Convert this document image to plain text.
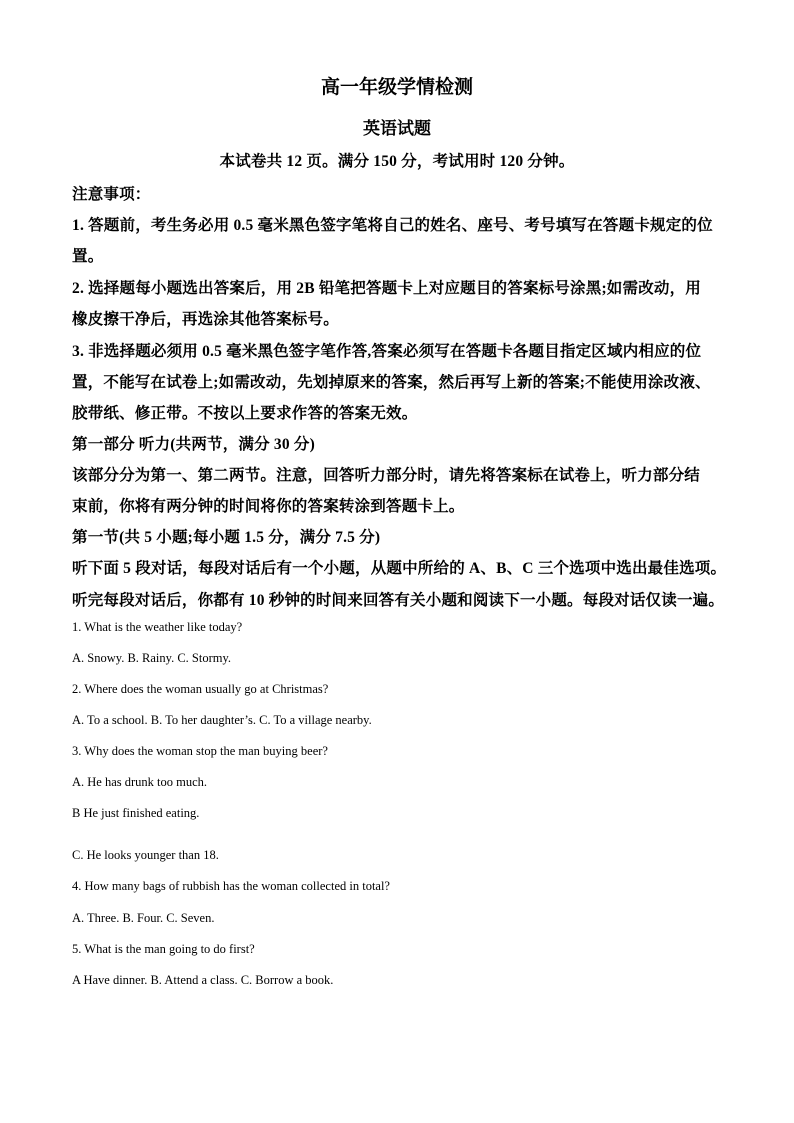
高一年级学情检测
英语试题
本试卷共 12 页。满分 150 分，考试用时 120 分钟。
注意事项：
1. 答题前，考生务必用 0.5 毫米黑色签字笔将自己的姓名、座号、考号填写在答题卡规定的位
置。
2. 选择题每小题选出答案后，用 2B 铅笔把答题卡上对应题目的答案标号涂黑;如需改动，用
橡皮擦干净后，再选涂其他答案标号。
3. 非选择题必须用 0.5 毫米黑色签字笔作答,答案必须写在答题卡各题目指定区域内相应的位
置，不能写在试卷上;如需改动，先划掉原来的答案，然后再写上新的答案;不能使用涂改液、
胶带纸、修正带。不按以上要求作答的答案无效。
第一部分 听力(共两节，满分 30 分)
该部分分为第一、第二两节。注意，回答听力部分时，请先将答案标在试卷上，听力部分结
束前，你将有两分钟的时间将你的答案转涂到答题卡上。
第一节(共 5 小题;每小题 1.5 分，满分 7.5 分)
听下面 5 段对话，每段对话后有一个小题，从题中所给的 A、B、C 三个选项中选出最佳选项。
听完每段对话后，你都有 10 秒钟的时间来回答有关小题和阅读下一小题。每段对话仅读一遍。
1. What is the weather like today?
A. Snowy. B. Rainy. C. Stormy.
2. Where does the woman usually go at Christmas?
A. To a school. B. To her daughter’s. C. To a village nearby.
3. Why does the woman stop the man buying beer?
A. He has drunk too much.
B He just finished eating.
C. He looks younger than 18.
4. How many bags of rubbish has the woman collected in total?
A. Three. B. Four. C. Seven.
5. What is the man going to do first?
A Have dinner. B. Attend a class. C. Borrow a book.
